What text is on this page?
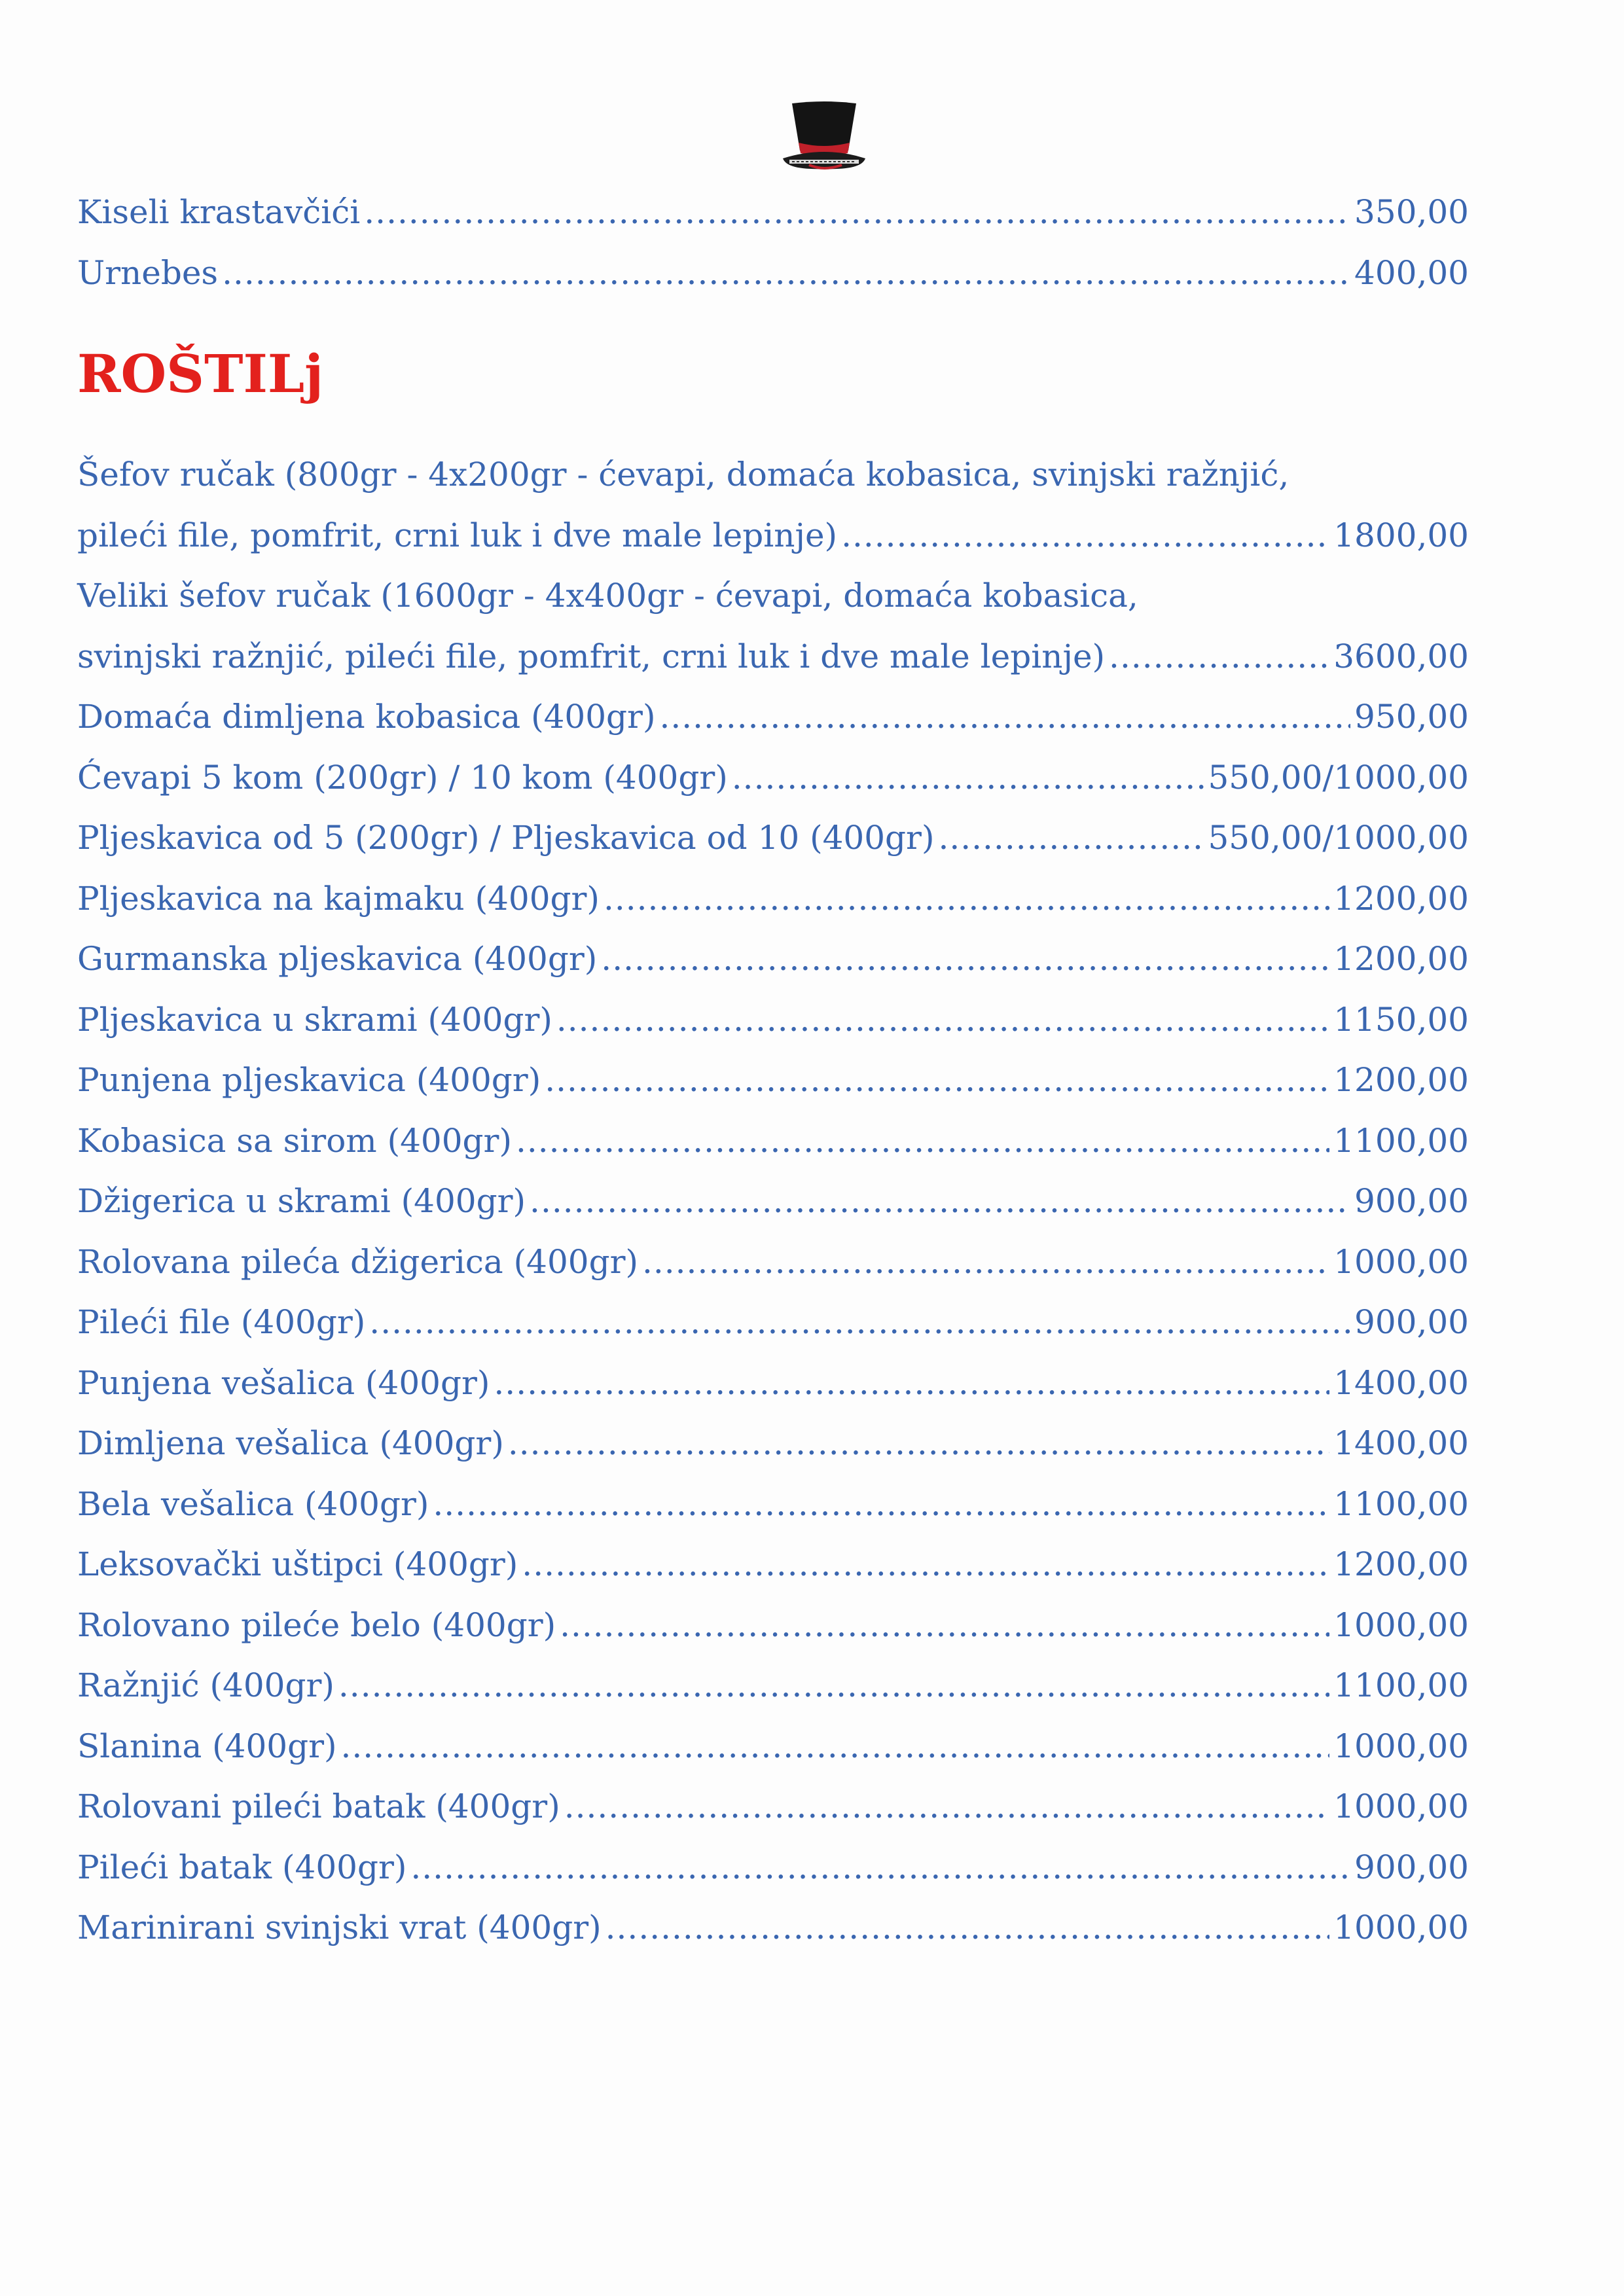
Kiseli krastavčići .....	350,00
Urnebes .....	400,00
ROŠTILj
Šefov ručak (800gr - 4x200gr - ćevapi, domaća kobasica, svinjski ražnjić,
pileći file, pomfrit, crni luk i dve male lepinje) .....	1800,00
Veliki šefov ručak (1600gr - 4x400gr - ćevapi, domaća kobasica,
svinjski ražnjić, pileći file, pomfrit, crni luk i dve male lepinje) .....	3600,00
Domaća dimljena kobasica (400gr) .....	950,00
Ćevapi 5 kom (200gr) / 10 kom (400gr) .....	550,00/1000,00
Pljeskavica od 5 (200gr) / Pljeskavica od 10 (400gr) .....	550,00/1000,00
Pljeskavica na kajmaku (400gr) .....	1200,00
Gurmanska pljeskavica (400gr) .....	1200,00
Pljeskavica u skrami (400gr) .....	1150,00
Punjena pljeskavica (400gr) .....	1200,00
Kobasica sa sirom (400gr) .....	1100,00
Džigerica u skrami (400gr) .....	900,00
Rolovana pileća džigerica (400gr) .....	1000,00
Pileći file (400gr) .....	900,00
Punjena vešalica (400gr) .....	1400,00
Dimljena vešalica (400gr) .....	1400,00
Bela vešalica (400gr) .....	1100,00
Leksovački uštipci (400gr) .....	1200,00
Rolovano pileće belo (400gr) .....	1000,00
Ražnjić (400gr) .....	1100,00
Slanina (400gr) .....	1000,00
Rolovani pileći batak (400gr) .....	1000,00
Pileći batak (400gr) .....	900,00
Marinirani svinjski vrat (400gr) .....	1000,00
